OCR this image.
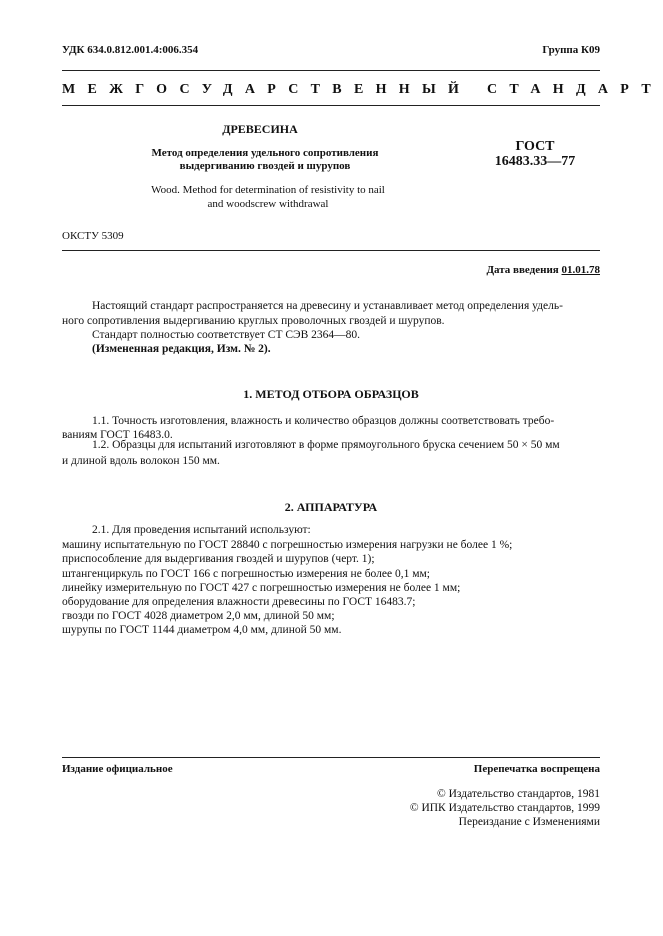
УДК 634.0.812.001.4:006.354	Группа К09
МЕЖГОСУДАРСТВЕННЫЙ СТАНДАРТ
ДРЕВЕСИНА
Метод определения удельного сопротивления
выдергиванию гвоздей и шурупов
Wood. Method for determination of resistivity to nail
and woodscrew withdrawal
ГОСТ
16483.33—77
ОКСТУ 5309
Дата введения 01.01.78
Настоящий стандарт распространяется на древесину и устанавливает метод определения удель-
ного сопротивления выдергиванию круглых проволочных гвоздей и шурупов.
Стандарт полностью соответствует СТ СЭВ 2364—80.
(Измененная редакция, Изм. № 2).
1. МЕТОД ОТБОРА ОБРАЗЦОВ
1.1. Точность изготовления, влажность и количество образцов должны соответствовать требо-
ваниям ГОСТ 16483.0.
1.2. Образцы для испытаний изготовляют в форме прямоугольного бруска сечением 50 × 50 мм
и длиной вдоль волокон 150 мм.
2. АППАРАТУРА
2.1. Для проведения испытаний используют:
машину испытательную по ГОСТ 28840 с погрешностью измерения нагрузки не более 1 %;
приспособление для выдергивания гвоздей и шурупов (черт. 1);
штангенциркуль по ГОСТ 166 с погрешностью измерения не более 0,1 мм;
линейку измерительную по ГОСТ 427 с погрешностью измерения не более 1 мм;
оборудование для определения влажности древесины по ГОСТ 16483.7;
гвозди по ГОСТ 4028 диаметром 2,0 мм, длиной 50 мм;
шурупы по ГОСТ 1144 диаметром 4,0 мм, длиной 50 мм.
Издание официальное	Перепечатка воспрещена
© Издательство стандартов, 1981
© ИПК Издательство стандартов, 1999
Переиздание с Изменениями
